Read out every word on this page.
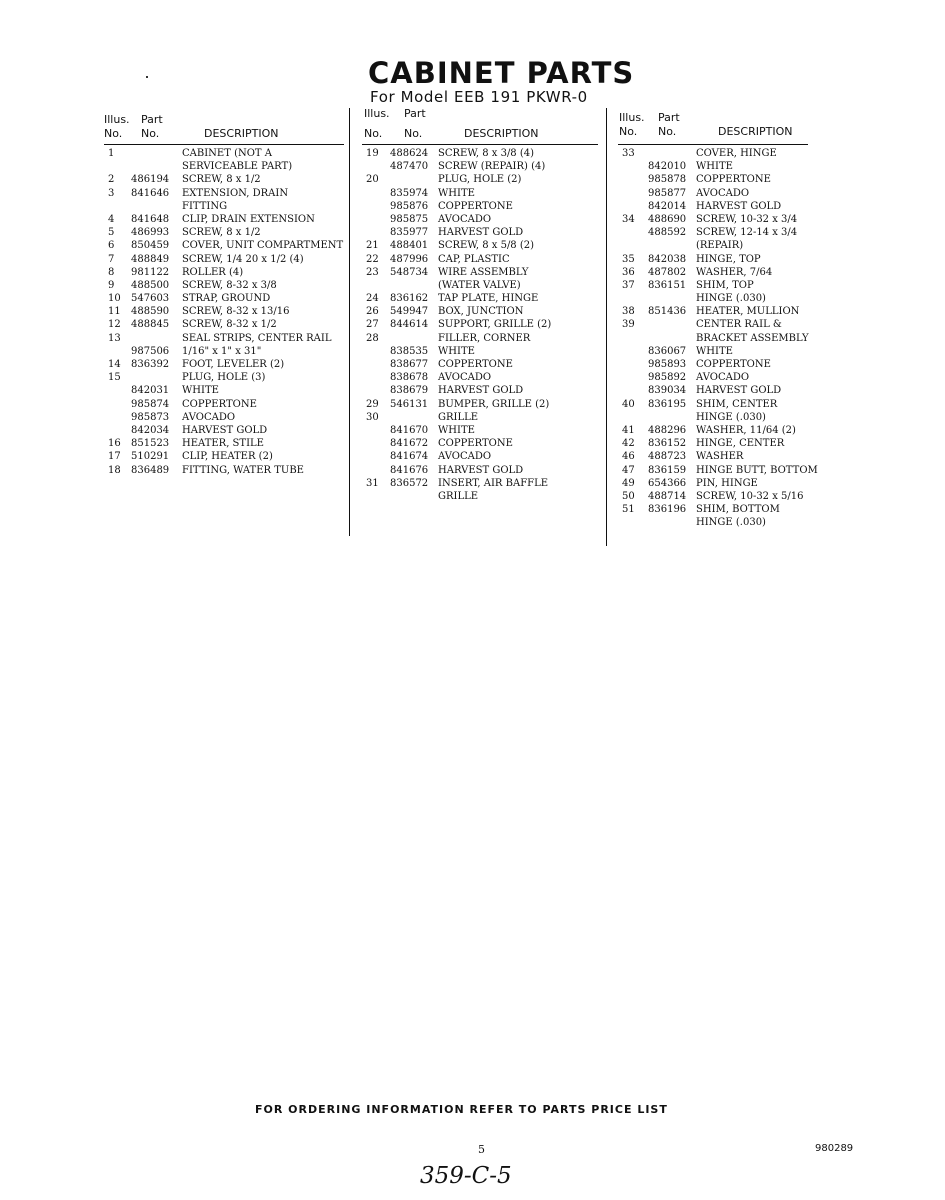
CABINET PARTS
For Model EEB 191 PKWR-0
Illus. Part
No. No.	DESCRIPTION
1	CABINET (NOT A
SERVICEABLE PART)
2 486194 SCREW, 8 x 1/2
3 841646 EXTENSION, DRAIN
FITTING
4 841648 CLIP, DRAIN EXTENSION
5 486993 SCREW, 8 x 1/2
6 850459 COVER, UNIT COMPARTMENT
7 488849 SCREW, 1/4 20 x 1/2 (4)
8 981122 ROLLER (4)
9 488500 SCREW, 8-32 x 3/8
10 547603 STRAP, GROUND
11 488590 SCREW, 8-32 x 13/16
12 488845 SCREW, 8-32 x 1/2
13	SEAL STRIPS, CENTER RAIL
987506 1/16" x 1" x 31"
14 836392 FOOT, LEVELER (2)
15	PLUG, HOLE (3)
842031 WHITE
985874 COPPERTONE
985873 AVOCADO
842034 HARVEST GOLD
16 851523 HEATER, STILE
17 510291 CLIP, HEATER (2)
18 836489 FITTING, WATER TUBE
Illus. Part
No. No.	DESCRIPTION
19 488624 SCREW, 8 x 3/8 (4)
487470 SCREW (REPAIR) (4)
20	PLUG, HOLE (2)
835974 WHITE
985876 COPPERTONE
985875 AVOCADO
835977 HARVEST GOLD
21 488401 SCREW, 8 x 5/8 (2)
22 487996 CAP, PLASTIC
23 548734 WIRE ASSEMBLY
(WATER VALVE)
24 836162 TAP PLATE, HINGE
26 549947 BOX, JUNCTION
27 844614 SUPPORT, GRILLE (2)
28	FILLER, CORNER
838535 WHITE
838677 COPPERTONE
838678 AVOCADO
838679 HARVEST GOLD
29 546131 BUMPER, GRILLE (2)
30	GRILLE
841670 WHITE
841672 COPPERTONE
841674 AVOCADO
841676 HARVEST GOLD
31 836572 INSERT, AIR BAFFLE
GRILLE
Illus. Part
No. No.	DESCRIPTION
33	COVER, HINGE
842010 WHITE
985878 COPPERTONE
985877 AVOCADO
842014 HARVEST GOLD
34 488690 SCREW, 10-32 x 3/4
488592 SCREW, 12-14 x 3/4
(REPAIR)
35 842038 HINGE, TOP
36 487802 WASHER, 7/64
37 836151 SHIM, TOP
HINGE (.030)
38 851436 HEATER, MULLION
39	CENTER RAIL &
BRACKET ASSEMBLY
836067 WHITE
985893 COPPERTONE
985892 AVOCADO
839034 HARVEST GOLD
40 836195 SHIM, CENTER
HINGE (.030)
41 488296 WASHER, 11/64 (2)
42 836152 HINGE, CENTER
46 488723 WASHER
47 836159 HINGE BUTT, BOTTOM
49 654366 PIN, HINGE
50 488714 SCREW, 10-32 x 5/16
51 836196 SHIM, BOTTOM
HINGE (.030)
FOR ORDERING INFORMATION REFER TO PARTS PRICE LIST
5	980289
359-C-5
